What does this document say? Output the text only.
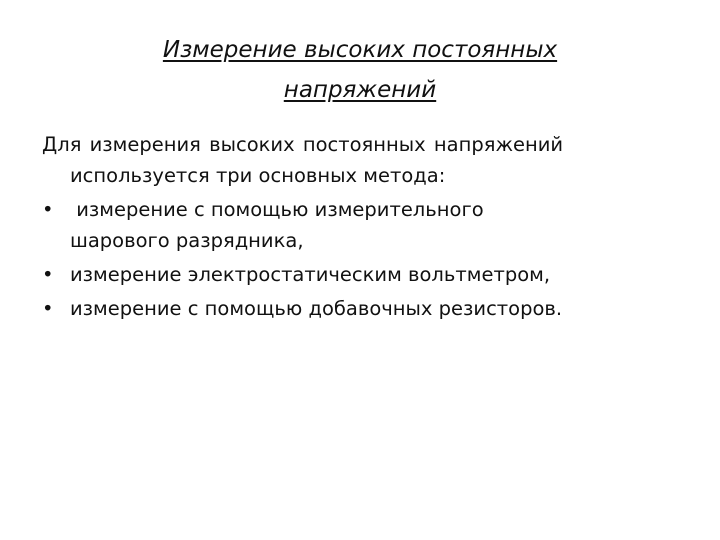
Измерение высоких постоянных
напряжений
Для измерения высоких постоянных напряжений
используется три основных метода:
• измерение с помощью измерительного
шарового разрядника,
• измерение электростатическим вольтметром,
• измерение с помощью добавочных резисторов.
